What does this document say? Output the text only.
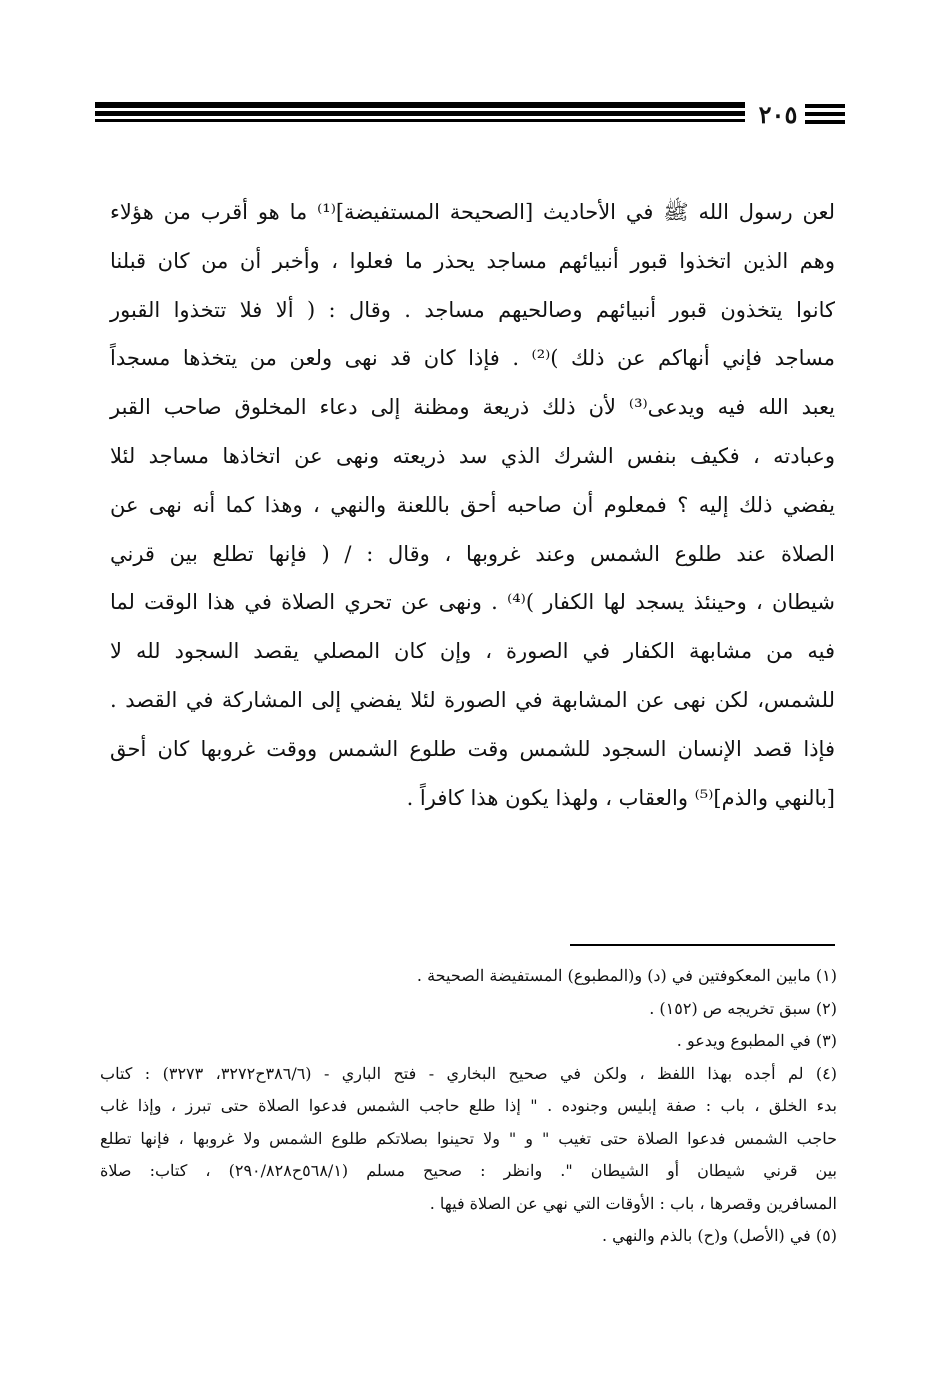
٢٠٥
لعن رسول الله ﷺ في الأحاديث [الصحيحة المستفيضة]⁽¹⁾ ما هو أقرب من هؤلاء
وهم الذين اتخذوا قبور أنبيائهم مساجد يحذر ما فعلوا ، وأخبر أن من كان قبلنا
كانوا يتخذون قبور أنبيائهم وصالحيهم مساجد . وقال : ( ألا فلا تتخذوا القبور
مساجد فإني أنهاكم عن ذلك )⁽²⁾ . فإذا كان قد نهى ولعن من يتخذها مسجداً
يعبد الله فيه ويدعى⁽³⁾ لأن ذلك ذريعة ومظنة إلى دعاء المخلوق صاحب القبر
وعبادته ، فكيف بنفس الشرك الذي سد ذريعته ونهى عن اتخاذها مساجد لئلا
يفضي ذلك إليه ؟ فمعلوم أن صاحبه أحق باللعنة والنهي ، وهذا كما أنه نهى عن
الصلاة عند طلوع الشمس وعند غروبها ، وقال : / ( فإنها تطلع بين قرني
شيطان ، وحينئذ يسجد لها الكفار )⁽⁴⁾ . ونهى عن تحري الصلاة في هذا الوقت لما
فيه من مشابهة الكفار في الصورة ، وإن كان المصلي يقصد السجود لله لا
للشمس، لكن نهى عن المشابهة في الصورة لئلا يفضي إلى المشاركة في القصد .
فإذا قصد الإنسان السجود للشمس وقت طلوع الشمس ووقت غروبها كان أحق
[بالنهي والذم]⁽⁵⁾ والعقاب ، ولهذا يكون هذا كافراً .
(١) مابين المعكوفتين في (د) و(المطبوع) المستفيضة الصحيحة .
(٢) سبق تخريجه ص (١٥٢) .
(٣) في المطبوع ويدعو .
(٤) لم أجده بهذا اللفظ ، ولكن في صحيح البخاري - فتح الباري - (٣٨٦/٦ح٣٢٧٢، ٣٢٧٣) : كتاب
بدء الخلق ، باب : صفة إبليس وجنوده . " إذا طلع حاجب الشمس فدعوا الصلاة حتى تبرز ، وإذا غاب
حاجب الشمس فدعوا الصلاة حتى تغيب " و " ولا تحينوا بصلاتكم طلوع الشمس ولا غروبها ، فإنها تطلع
بين قرني شيطان أو الشيطان ". وانظر : صحيح مسلم (٥٦٨/١ح٢٩٠/٨٢٨) ، كتاب: صلاة
المسافرين وقصرها ، باب : الأوقات التي نهي عن الصلاة فيها .
(٥) في (الأصل) و(ح) بالذم والنهي .
